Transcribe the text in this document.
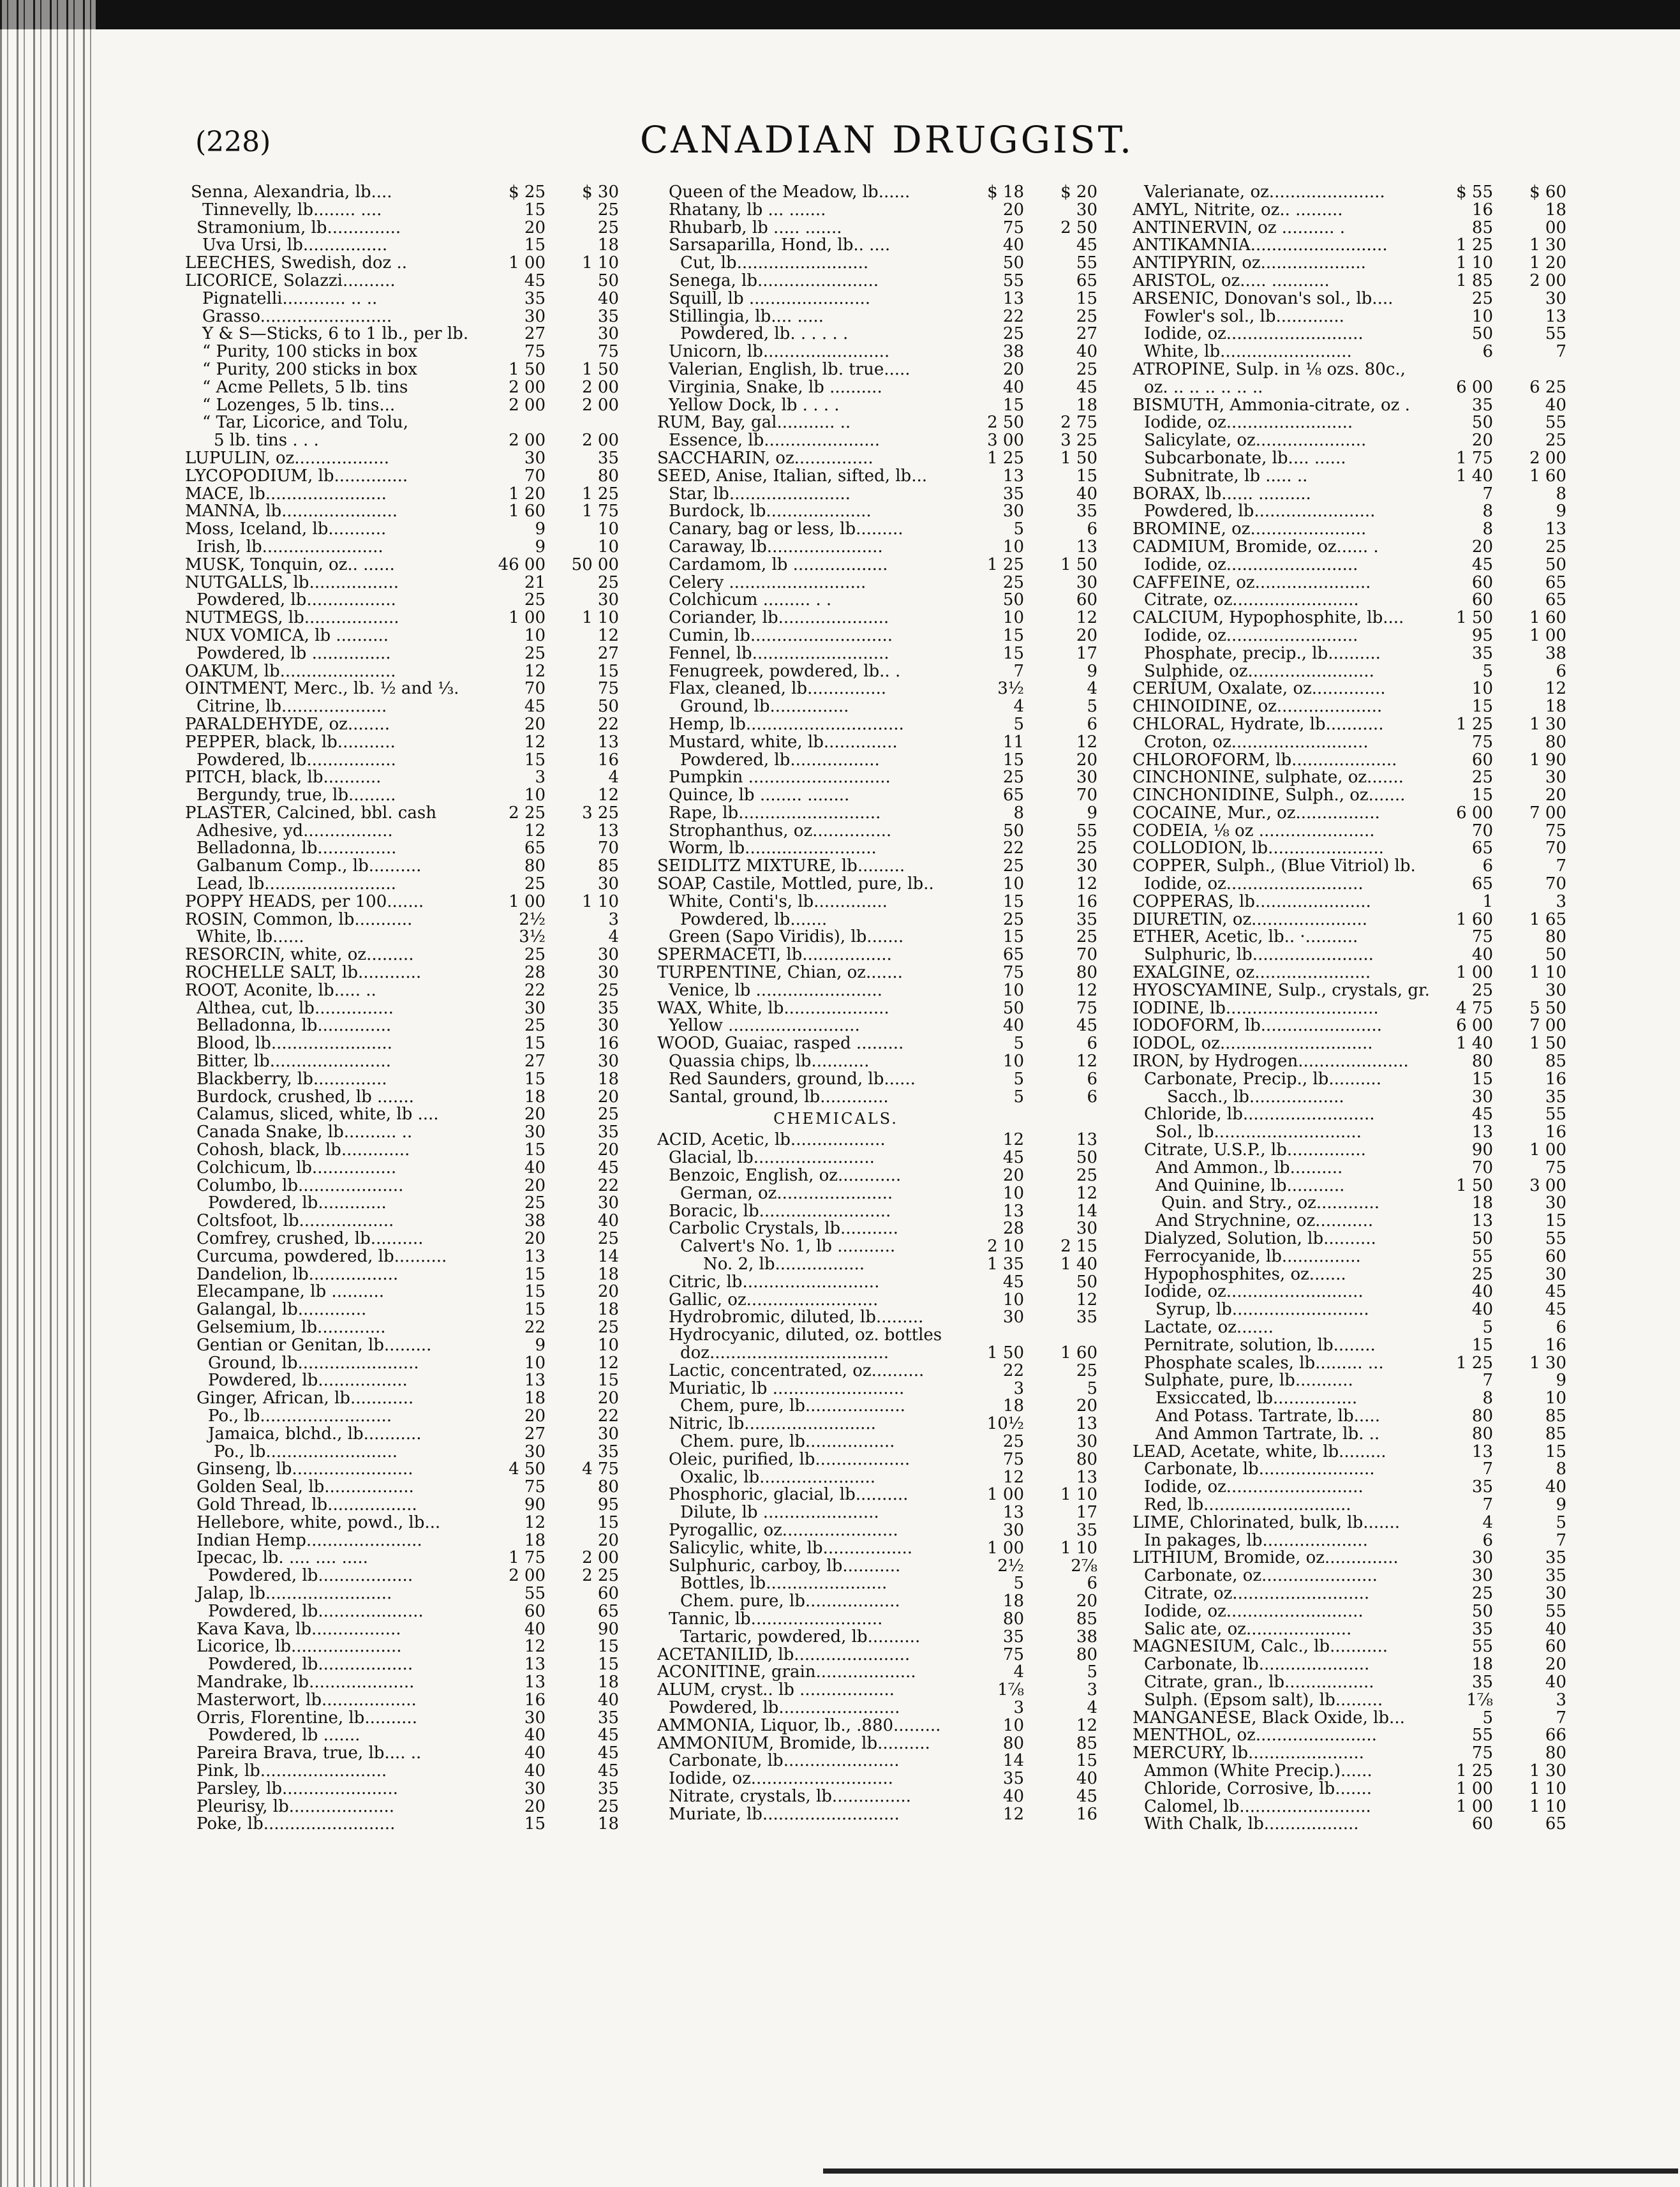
(228)	CANADIAN DRUGGIST.
Senna, Alexandria, lb....	$ 25	$ 30
Tinnevelly, lb........ ....	15	25
Stramonium, lb..............	20	25
Uva Ursi, lb................	15	18
LEECHES, Swedish, doz ..	1 00	1 10
LICORICE, Solazzi..........	45	50
Pignatelli............ .. ..	35	40
Grasso.........................	30	35
Y & S—Sticks, 6 to 1 lb., per lb.	27	30
“ Purity, 100 sticks in box	75	75
“ Purity, 200 sticks in box	1 50	1 50
“ Acme Pellets, 5 lb. tins	2 00	2 00
“ Lozenges, 5 lb. tins...	2 00	2 00
“ Tar, Licorice, and Tolu,
5 lb. tins . . .	2 00	2 00
LUPULIN, oz..................	30	35
LYCOPODIUM, lb..............	70	80
MACE, lb.......................	1 20	1 25
MANNA, lb......................	1 60	1 75
Moss, Iceland, lb...........	9	10
Irish, lb.......................	9	10
MUSK, Tonquin, oz.. ......	46 00	50 00
NUTGALLS, lb.................	21	25
Powdered, lb.................	25	30
NUTMEGS, lb..................	1 00	1 10
NUX VOMICA, lb ..........	10	12
Powdered, lb ...............	25	27
OAKUM, lb......................	12	15
OINTMENT, Merc., lb. ½ and ⅓.	70	75
Citrine, lb....................	45	50
PARALDEHYDE, oz........	20	22
PEPPER, black, lb...........	12	13
Powdered, lb.................	15	16
PITCH, black, lb...........	3	4
Bergundy, true, lb.........	10	12
PLASTER, Calcined, bbl. cash	2 25	3 25
Adhesive, yd.................	12	13
Belladonna, lb...............	65	70
Galbanum Comp., lb..........	80	85
Lead, lb.........................	25	30
POPPY HEADS, per 100.......	1 00	1 10
ROSIN, Common, lb...........	2½	3
White, lb......	3½	4
RESORCIN, white, oz.........	25	30
ROCHELLE SALT, lb............	28	30
ROOT, Aconite, lb..... ..	22	25
Althea, cut, lb...............	30	35
Belladonna, lb..............	25	30
Blood, lb.......................	15	16
Bitter, lb.......................	27	30
Blackberry, lb..............	15	18
Burdock, crushed, lb .......	18	20
Calamus, sliced, white, lb ....	20	25
Canada Snake, lb.......... ..	30	35
Cohosh, black, lb.............	15	20
Colchicum, lb................	40	45
Columbo, lb....................	20	22
Powdered, lb.............	25	30
Coltsfoot, lb..................	38	40
Comfrey, crushed, lb..........	20	25
Curcuma, powdered, lb..........	13	14
Dandelion, lb.................	15	18
Elecampane, lb ..........	15	20
Galangal, lb.............	15	18
Gelsemium, lb.............	22	25
Gentian or Genitan, lb.........	9	10
Ground, lb.......................	10	12
Powdered, lb.................	13	15
Ginger, African, lb............	18	20
Po., lb.........................	20	22
Jamaica, blchd., lb...........	27	30
Po., lb.........................	30	35
Ginseng, lb.......................	4 50	4 75
Golden Seal, lb.................	75	80
Gold Thread, lb.................	90	95
Hellebore, white, powd., lb...	12	15
Indian Hemp......................	18	20
Ipecac, lb. .... .... .....	1 75	2 00
Powdered, lb..................	2 00	2 25
Jalap, lb........................	55	60
Powdered, lb....................	60	65
Kava Kava, lb.................	40	90
Licorice, lb.....................	12	15
Powdered, lb..................	13	15
Mandrake, lb....................	13	18
Masterwort, lb..................	16	40
Orris, Florentine, lb..........	30	35
Powdered, lb .......	40	45
Pareira Brava, true, lb.... ..	40	45
Pink, lb........................	40	45
Parsley, lb......................	30	35
Pleurisy, lb....................	20	25
Poke, lb.........................	15	18
Queen of the Meadow, lb......	$ 18	$ 20
Rhatany, lb ... .......	20	30
Rhubarb, lb ..... .......	75	2 50
Sarsaparilla, Hond, lb.. ....	40	45
Cut, lb.........................	50	55
Senega, lb.......................	55	65
Squill, lb .......................	13	15
Stillingia, lb.... .....	22	25
Powdered, lb. . . . . .	25	27
Unicorn, lb........................	38	40
Valerian, English, lb. true.....	20	25
Virginia, Snake, lb ..........	40	45
Yellow Dock, lb . . . .	15	18
RUM, Bay, gal........... ..	2 50	2 75
Essence, lb......................	3 00	3 25
SACCHARIN, oz...............	1 25	1 50
SEED, Anise, Italian, sifted, lb...	13	15
Star, lb.......................	35	40
Burdock, lb....................	30	35
Canary, bag or less, lb.........	5	6
Caraway, lb......................	10	13
Cardamom, lb ..................	1 25	1 50
Celery ..........................	25	30
Colchicum ......... . .	50	60
Coriander, lb.....................	10	12
Cumin, lb...........................	15	20
Fennel, lb..........................	15	17
Fenugreek, powdered, lb.. .	7	9
Flax, cleaned, lb...............	3½	4
Ground, lb...............	4	5
Hemp, lb..............................	5	6
Mustard, white, lb..............	11	12
Powdered, lb.................	15	20
Pumpkin ...........................	25	30
Quince, lb ........ ........	65	70
Rape, lb...........................	8	9
Strophanthus, oz...............	50	55
Worm, lb.........................	22	25
SEIDLITZ MIXTURE, lb.........	25	30
SOAP, Castile, Mottled, pure, lb..	10	12
White, Conti's, lb..............	15	16
Powdered, lb.......	25	35
Green (Sapo Viridis), lb.......	15	25
SPERMACETI, lb.................	65	70
TURPENTINE, Chian, oz.......	75	80
Venice, lb ........................	10	12
WAX, White, lb....................	50	75
Yellow .........................	40	45
WOOD, Guaiac, rasped .........	5	6
Quassia chips, lb...........	10	12
Red Saunders, ground, lb......	5	6
Santal, ground, lb.............	5	6
CHEMICALS.
ACID, Acetic, lb..................	12	13
Glacial, lb.......................	45	50
Benzoic, English, oz............	20	25
German, oz......................	10	12
Boracic, lb.........................	13	14
Carbolic Crystals, lb...........	28	30
Calvert's No. 1, lb ...........	2 10	2 15
No. 2, lb.................	1 35	1 40
Citric, lb..........................	45	50
Gallic, oz.........................	10	12
Hydrobromic, diluted, lb.........	30	35
Hydrocyanic, diluted, oz. bottles
doz..................................	1 50	1 60
Lactic, concentrated, oz..........	22	25
Muriatic, lb .........................	3	5
Chem, pure, lb...................	18	20
Nitric, lb.........................	10½	13
Chem. pure, lb.................	25	30
Oleic, purified, lb..................	75	80
Oxalic, lb......................	12	13
Phosphoric, glacial, lb..........	1 00	1 10
Dilute, lb ......................	13	17
Pyrogallic, oz......................	30	35
Salicylic, white, lb.................	1 00	1 10
Sulphuric, carboy, lb...........	2½	2⅞
Bottles, lb.......................	5	6
Chem. pure, lb..................	18	20
Tannic, lb.........................	80	85
Tartaric, powdered, lb..........	35	38
ACETANILID, lb......................	75	80
ACONITINE, grain...................	4	5
ALUM, cryst.. lb ..................	1⅞	3
Powdered, lb.......................	3	4
AMMONIA, Liquor, lb., .880.........	10	12
AMMONIUM, Bromide, lb..........	80	85
Carbonate, lb......................	14	15
Iodide, oz...........................	35	40
Nitrate, crystals, lb...............	40	45
Muriate, lb..........................	12	16
Valerianate, oz......................	$ 55	$ 60
AMYL, Nitrite, oz.. .........	16	18
ANTINERVIN, oz .......... .	85	00
ANTIKAMNIA..........................	1 25	1 30
ANTIPYRIN, oz....................	1 10	1 20
ARISTOL, oz..... ...........	1 85	2 00
ARSENIC, Donovan's sol., lb....	25	30
Fowler's sol., lb.............	10	13
Iodide, oz..........................	50	55
White, lb.........................	6	7
ATROPINE, Sulp. in ⅛ ozs. 80c.,
oz. .. .. .. .. .. ..	6 00	6 25
BISMUTH, Ammonia-citrate, oz .	35	40
Iodide, oz........................	50	55
Salicylate, oz.....................	20	25
Subcarbonate, lb.... ......	1 75	2 00
Subnitrate, lb ..... ..	1 40	1 60
BORAX, lb...... ..........	7	8
Powdered, lb.......................	8	9
BROMINE, oz......................	8	13
CADMIUM, Bromide, oz...... .	20	25
Iodide, oz.........................	45	50
CAFFEINE, oz......................	60	65
Citrate, oz........................	60	65
CALCIUM, Hypophosphite, lb....	1 50	1 60
Iodide, oz.........................	95	1 00
Phosphate, precip., lb..........	35	38
Sulphide, oz........................	5	6
CERIUM, Oxalate, oz..............	10	12
CHINOIDINE, oz....................	15	18
CHLORAL, Hydrate, lb...........	1 25	1 30
Croton, oz..........................	75	80
CHLOROFORM, lb....................	60	1 90
CINCHONINE, sulphate, oz.......	25	30
CINCHONIDINE, Sulph., oz.......	15	20
COCAINE, Mur., oz................	6 00	7 00
CODEIA, ⅛ oz ......................	70	75
COLLODION, lb......................	65	70
COPPER, Sulph., (Blue Vitriol) lb.	6	7
Iodide, oz..........................	65	70
COPPERAS, lb......................	1	3
DIURETIN, oz......................	1 60	1 65
ETHER, Acetic, lb.. ·..........	75	80
Sulphuric, lb.......................	40	50
EXALGINE, oz......................	1 00	1 10
HYOSCYAMINE, Sulp., crystals, gr.	25	30
IODINE, lb.............................	4 75	5 50
IODOFORM, lb.......................	6 00	7 00
IODOL, oz.............................	1 40	1 50
IRON, by Hydrogen.....................	80	85
Carbonate, Precip., lb..........	15	16
Sacch., lb..................	30	35
Chloride, lb.........................	45	55
Sol., lb............................	13	16
Citrate, U.S.P., lb...............	90	1 00
And Ammon., lb..........	70	75
And Quinine, lb...........	1 50	3 00
Quin. and Stry., oz............	18	30
And Strychnine, oz...........	13	15
Dialyzed, Solution, lb..........	50	55
Ferrocyanide, lb...............	55	60
Hypophosphites, oz.......	25	30
Iodide, oz..........................	40	45
Syrup, lb..........................	40	45
Lactate, oz.......	5	6
Pernitrate, solution, lb........	15	16
Phosphate scales, lb......... ...	1 25	1 30
Sulphate, pure, lb...........	7	9
Exsiccated, lb................	8	10
And Potass. Tartrate, lb.....	80	85
And Ammon Tartrate, lb. ..	80	85
LEAD, Acetate, white, lb.........	13	15
Carbonate, lb......................	7	8
Iodide, oz..........................	35	40
Red, lb............................	7	9
LIME, Chlorinated, bulk, lb.......	4	5
In pakages, lb....................	6	7
LITHIUM, Bromide, oz..............	30	35
Carbonate, oz......................	30	35
Citrate, oz..........................	25	30
Iodide, oz..........................	50	55
Salic ate, oz....................	35	40
MAGNESIUM, Calc., lb...........	55	60
Carbonate, lb.....................	18	20
Citrate, gran., lb.................	35	40
Sulph. (Epsom salt), lb.........	1⅞	3
MANGANESE, Black Oxide, lb...	5	7
MENTHOL, oz.......................	55	66
MERCURY, lb......................	75	80
Ammon (White Precip.)......	1 25	1 30
Chloride, Corrosive, lb.......	1 00	1 10
Calomel, lb.........................	1 00	1 10
With Chalk, lb..................	60	65
